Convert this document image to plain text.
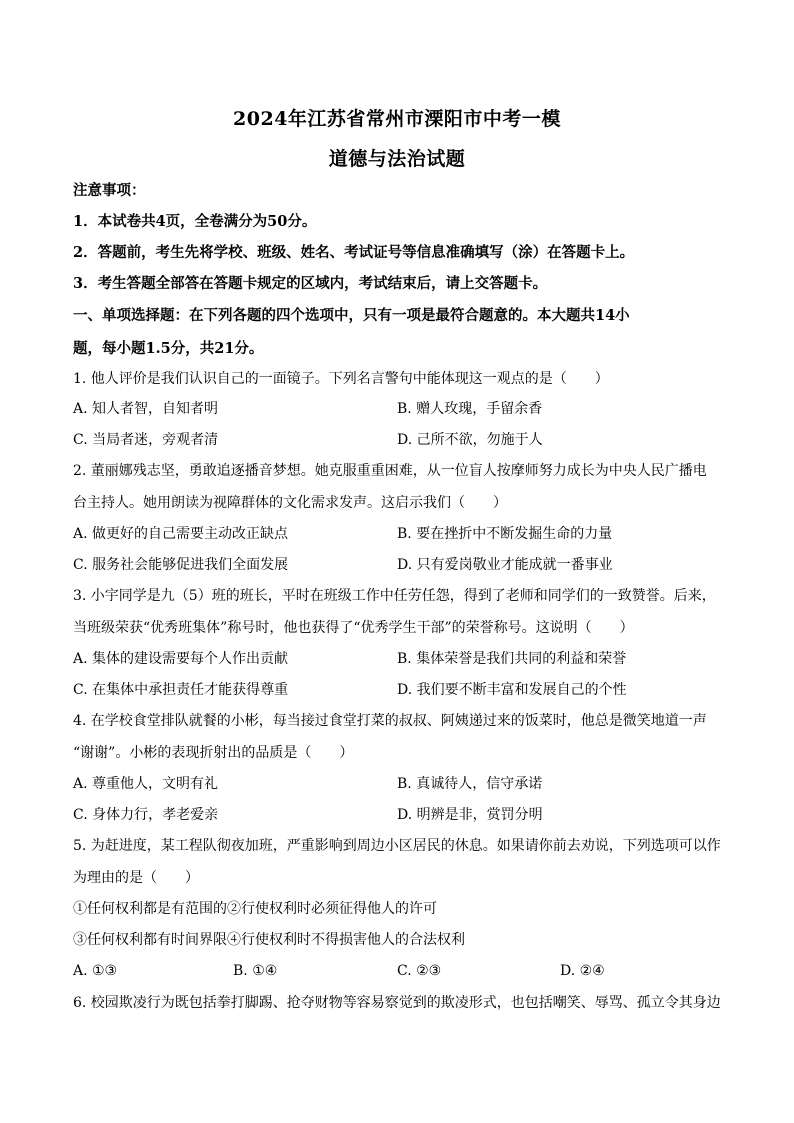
2024年江苏省常州市溧阳市中考一模
道德与法治试题
注意事项：
1．本试卷共4页，全卷满分为50分。
2．答题前，考生先将学校、班级、姓名、考试证号等信息准确填写（涂）在答题卡上。
3．考生答题全部答在答题卡规定的区域内，考试结束后，请上交答题卡。
一、单项选择题：在下列各题的四个选项中，只有一项是最符合题意的。本大题共14小
题，每小题1.5分，共21分。
1. 他人评价是我们认识自己的一面镜子。下列名言警句中能体现这一观点的是（　　）
A. 知人者智，自知者明	B. 赠人玫瑰，手留余香
C. 当局者迷，旁观者清	D. 己所不欲，勿施于人
2. 董丽娜残志坚，勇敢追逐播音梦想。她克服重重困难，从一位盲人按摩师努力成长为中央人民广播电
台主持人。她用朗读为视障群体的文化需求发声。这启示我们（　　）
A. 做更好的自己需要主动改正缺点	B. 要在挫折中不断发掘生命的力量
C. 服务社会能够促进我们全面发展	D. 只有爱岗敬业才能成就一番事业
3. 小宇同学是九（5）班的班长，平时在班级工作中任劳任怨，得到了老师和同学们的一致赞誉。后来，
当班级荣获“优秀班集体”称号时，他也获得了“优秀学生干部”的荣誉称号。这说明（　　）
A. 集体的建设需要每个人作出贡献	B. 集体荣誉是我们共同的利益和荣誉
C. 在集体中承担责任才能获得尊重	D. 我们要不断丰富和发展自己的个性
4. 在学校食堂排队就餐的小彬，每当接过食堂打菜的叔叔、阿姨递过来的饭菜时，他总是微笑地道一声
“谢谢”。小彬的表现折射出的品质是（　　）
A. 尊重他人，文明有礼	B. 真诚待人，信守承诺
C. 身体力行，孝老爱亲	D. 明辨是非，赏罚分明
5. 为赶进度，某工程队彻夜加班，严重影响到周边小区居民的休息。如果请你前去劝说，下列选项可以作
为理由的是（　　）
①任何权利都是有范围的②行使权利时必须征得他人的许可
③任何权利都有时间界限④行使权利时不得损害他人的合法权利
A. ①③	B. ①④	C. ②③	D. ②④
6. 校园欺凌行为既包括拳打脚踢、抢夺财物等容易察觉到的欺凌形式，也包括嘲笑、辱骂、孤立令其身边
